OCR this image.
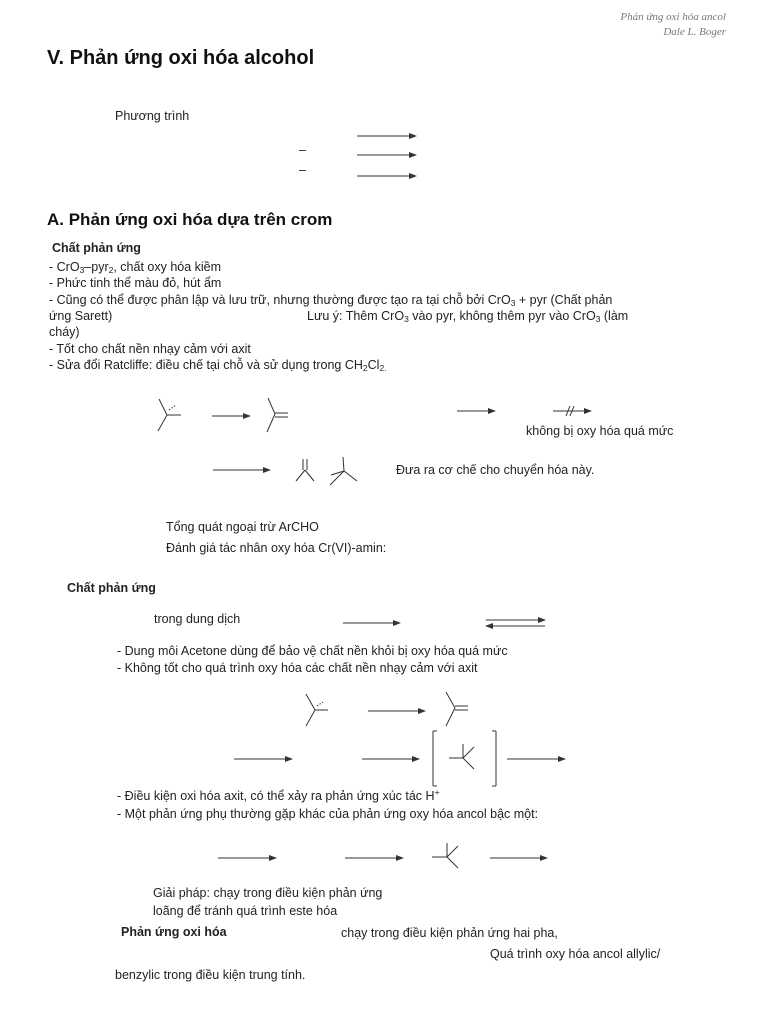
Phản ứng oxi hóa ancol
Dale L. Boger
V. Phản ứng oxi hóa alcohol
Phương trình
–
–
A. Phản ứng oxi hóa dựa trên crom
Chất phản ứng
- CrO$_3$–pyr$_2$, chất oxy hóa kiềm
- Phức tinh thể màu đỏ, hút ẩm
- Cũng có thể được phân lập và lưu trữ, nhưng thường được tạo ra tại chỗ bởi CrO$_3$ + pyr (Chất phản
ứng Sarett)	Lưu ý: Thêm CrO$_3$ vào pyr, không thêm pyr vào CrO$_3$ (làm
cháy)
- Tốt cho chất nền nhạy cảm với axit
- Sửa đổi Ratcliffe: điều chế tại chỗ và sử dụng trong $CH_2Cl_{2.}$
không bị oxy hóa quá mức
Đưa ra cơ chế cho chuyển hóa này.
Tổng quát ngoại trừ ArCHO
Đánh giá tác nhân oxy hóa Cr(VI)-amin:
Chất phản ứng
trong dung dịch
- Dung môi Acetone dùng để bảo vệ chất nền khỏi bị oxy hóa quá mức
- Không tốt cho quá trình oxy hóa các chất nền nhạy cảm với axit
- Điều kiện oxi hóa axit, có thể xảy ra phản ứng xúc tác H+
- Một phản ứng phụ thường gặp khác của phản ứng oxy hóa ancol bậc một:
Giải pháp: chạy trong điều kiện phản ứng
loãng để tránh quá trình este hóa
Phản ứng oxi hóa	chạy trong điều kiện phản ứng hai pha,
Quá trình oxy hóa ancol allylic/
benzylic trong điều kiện trung tính.
